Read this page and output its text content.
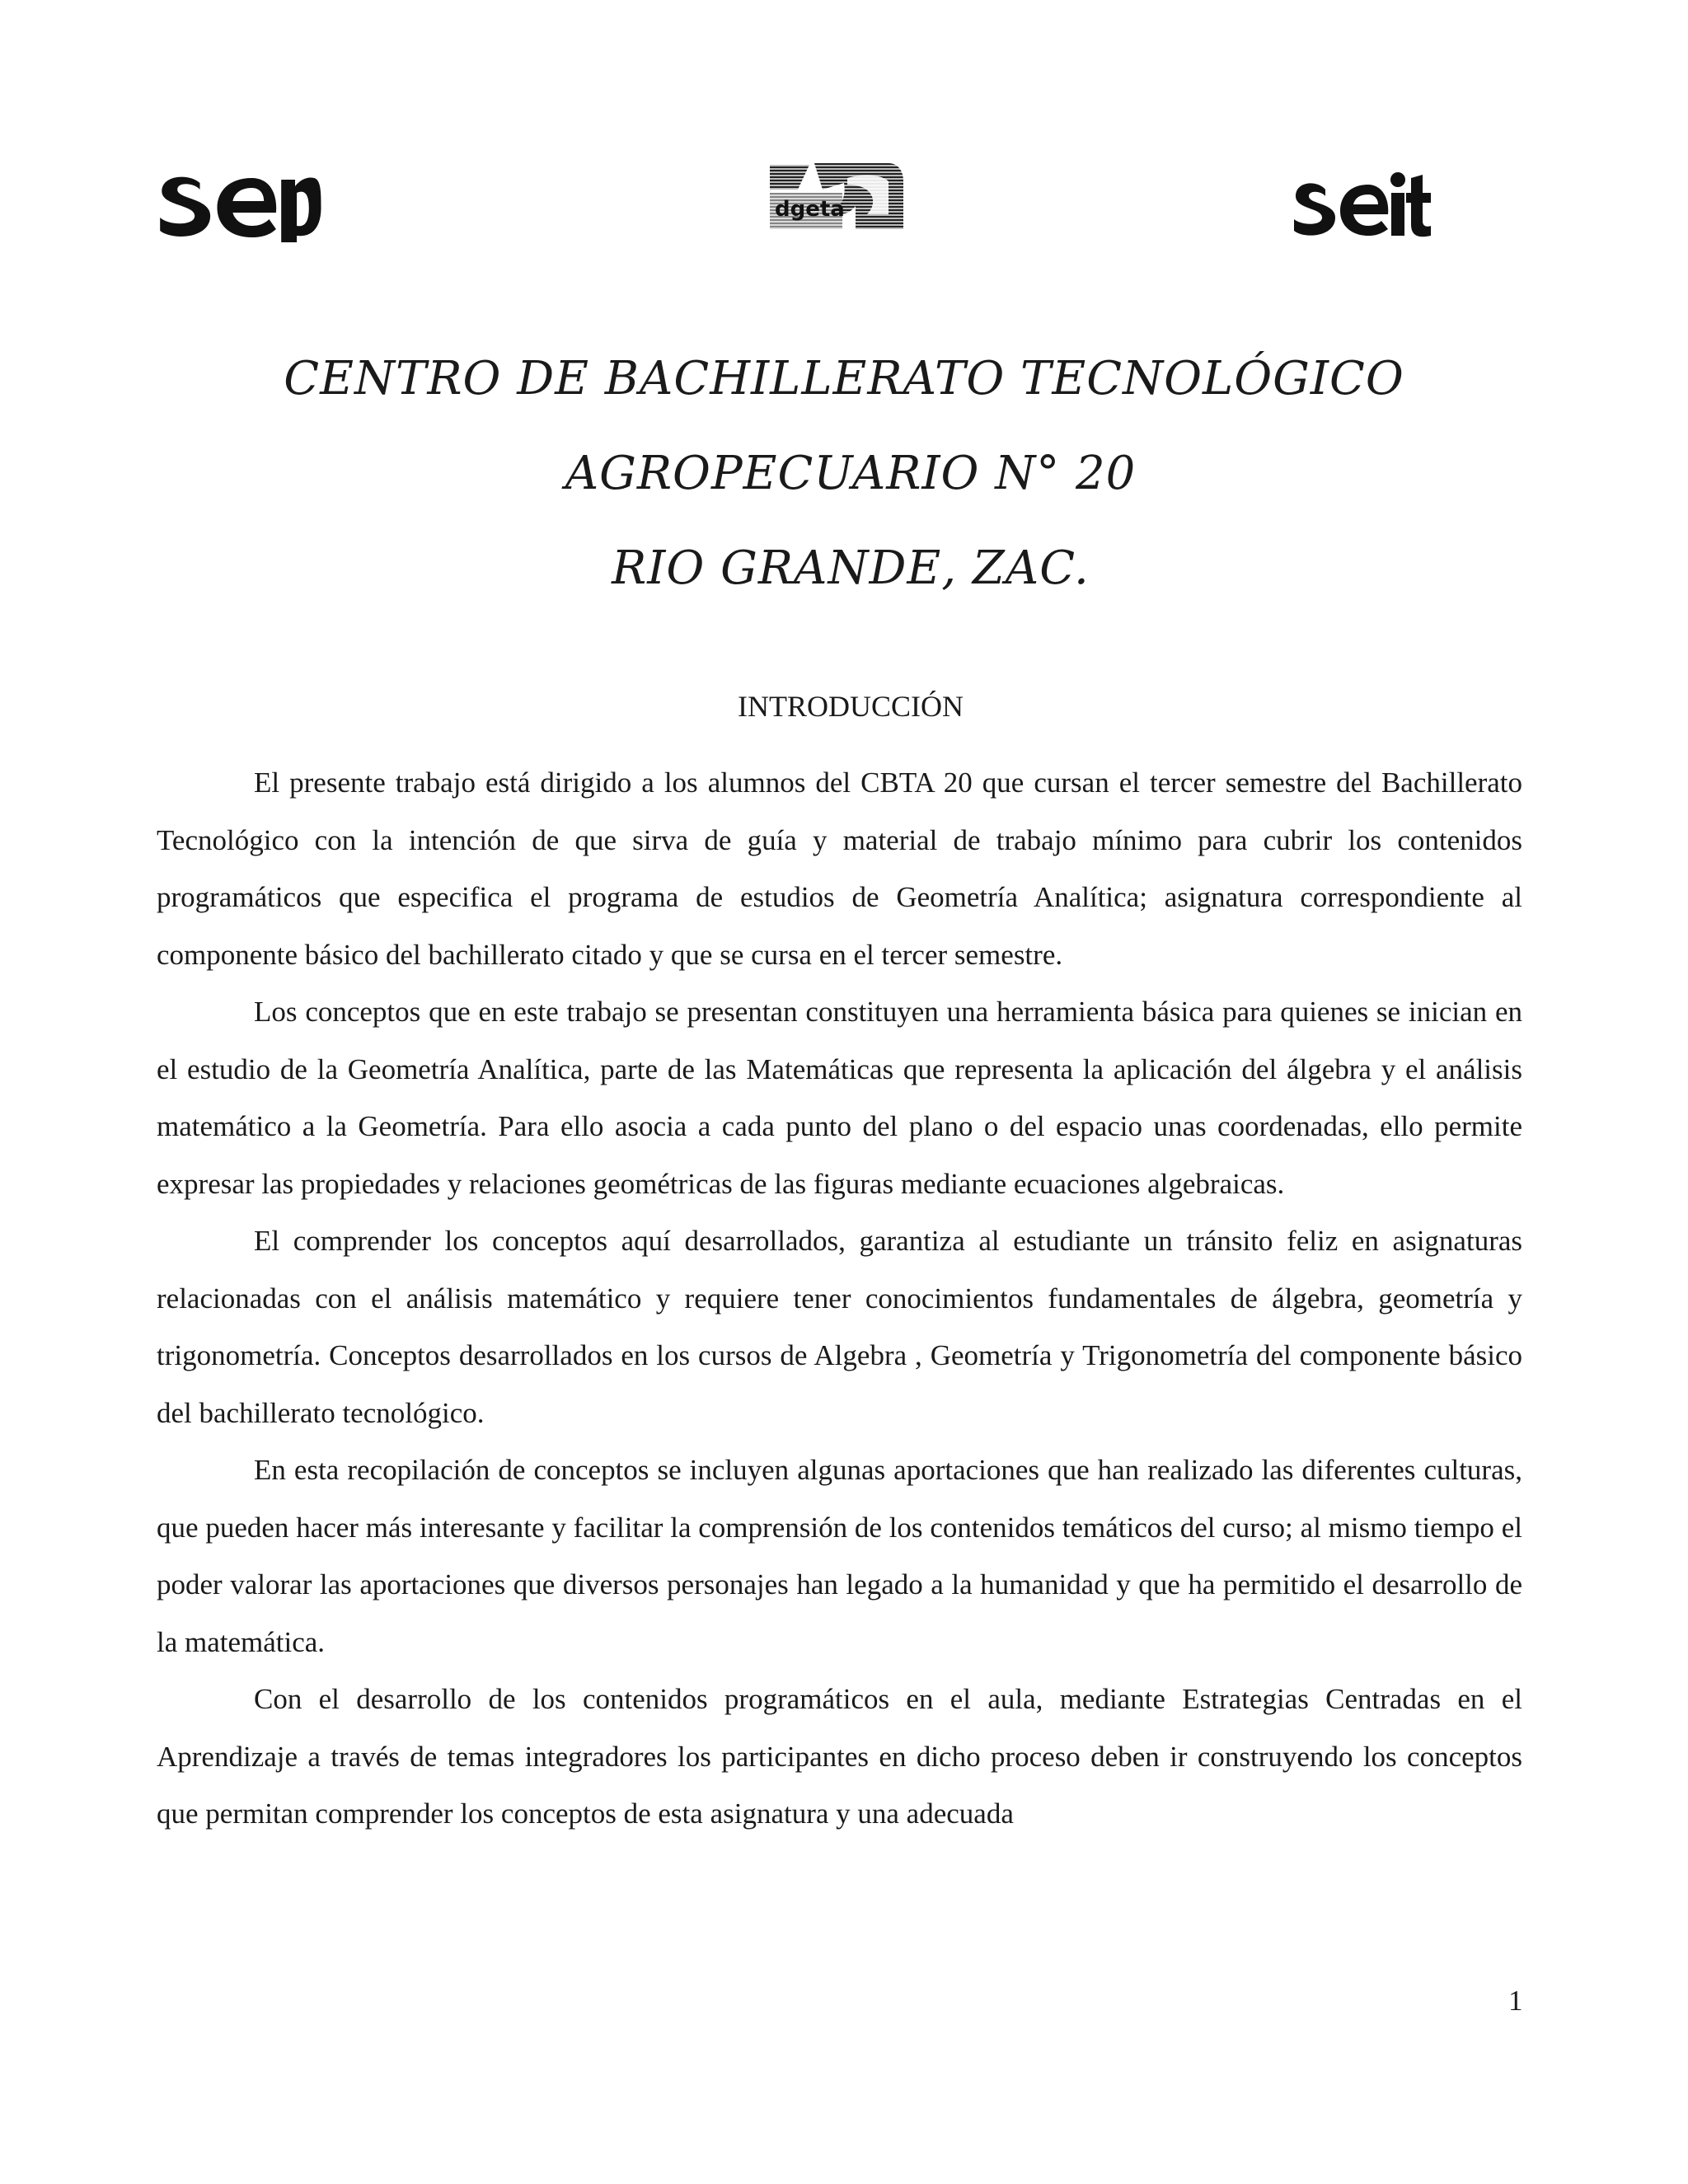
dgeta
CENTRO DE BACHILLERATO TECNOLÓGICO
AGROPECUARIO N° 20
RIO GRANDE, ZAC.
INTRODUCCIÓN

El presente trabajo está dirigido a los alumnos del CBTA 20 que cursan el tercer semestre del Bachillerato Tecnológico con la intención de que sirva de guía y material de trabajo mínimo para cubrir los contenidos programáticos que especifica el programa de estudios de Geometría Analítica; asignatura correspondiente al componente básico del bachillerato citado y que se cursa en el tercer semestre.

Los conceptos que en este trabajo se presentan constituyen una herramienta básica para quienes se inician en el estudio de la Geometría Analítica, parte de las Matemáticas que representa la aplicación del álgebra y el análisis matemático a la Geometría. Para ello asocia a cada punto del plano o del espacio unas coordenadas, ello permite expresar las propiedades y relaciones geométricas de las figuras mediante ecuaciones algebraicas.

El comprender los conceptos aquí desarrollados, garantiza al estudiante un tránsito feliz en asignaturas relacionadas con el análisis matemático y requiere tener conocimientos fundamentales de álgebra, geometría y trigonometría. Conceptos desarrollados en los cursos de Algebra , Geometría y Trigonometría del componente básico del bachillerato tecnológico.

En esta recopilación de conceptos se incluyen algunas aportaciones que han realizado las diferentes culturas, que pueden hacer más interesante y facilitar la comprensión de los contenidos temáticos del curso; al mismo tiempo el poder valorar las aportaciones que diversos personajes han legado a la humanidad y que ha permitido el desarrollo de la matemática.

Con el desarrollo de los contenidos programáticos en el aula, mediante Estrategias Centradas en el Aprendizaje a través de temas integradores los participantes en dicho proceso deben ir construyendo los conceptos que permitan comprender los conceptos de esta asignatura y una adecuada

1
